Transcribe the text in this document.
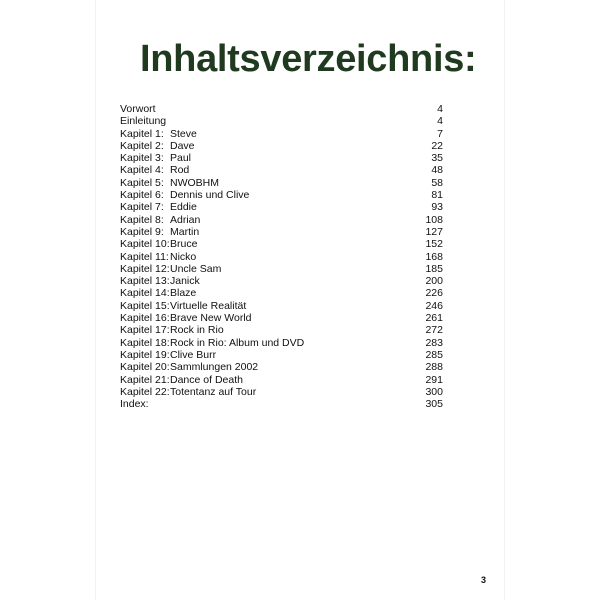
Inhaltsverzeichnis:
Vorwort	4
Einleitung	4
Kapitel 1: Steve	7
Kapitel 2: Dave	22
Kapitel 3: Paul	35
Kapitel 4: Rod	48
Kapitel 5: NWOBHM	58
Kapitel 6: Dennis und Clive	81
Kapitel 7: Eddie	93
Kapitel 8: Adrian	108
Kapitel 9: Martin	127
Kapitel 10: Bruce	152
Kapitel 11: Nicko	168
Kapitel 12: Uncle Sam	185
Kapitel 13: Janick	200
Kapitel 14: Blaze	226
Kapitel 15: Virtuelle Realität	246
Kapitel 16: Brave New World	261
Kapitel 17: Rock in Rio	272
Kapitel 18: Rock in Rio: Album und DVD	283
Kapitel 19: Clive Burr	285
Kapitel 20: Sammlungen 2002	288
Kapitel 21: Dance of Death	291
Kapitel 22: Totentanz auf Tour	300
Index:	305
3
